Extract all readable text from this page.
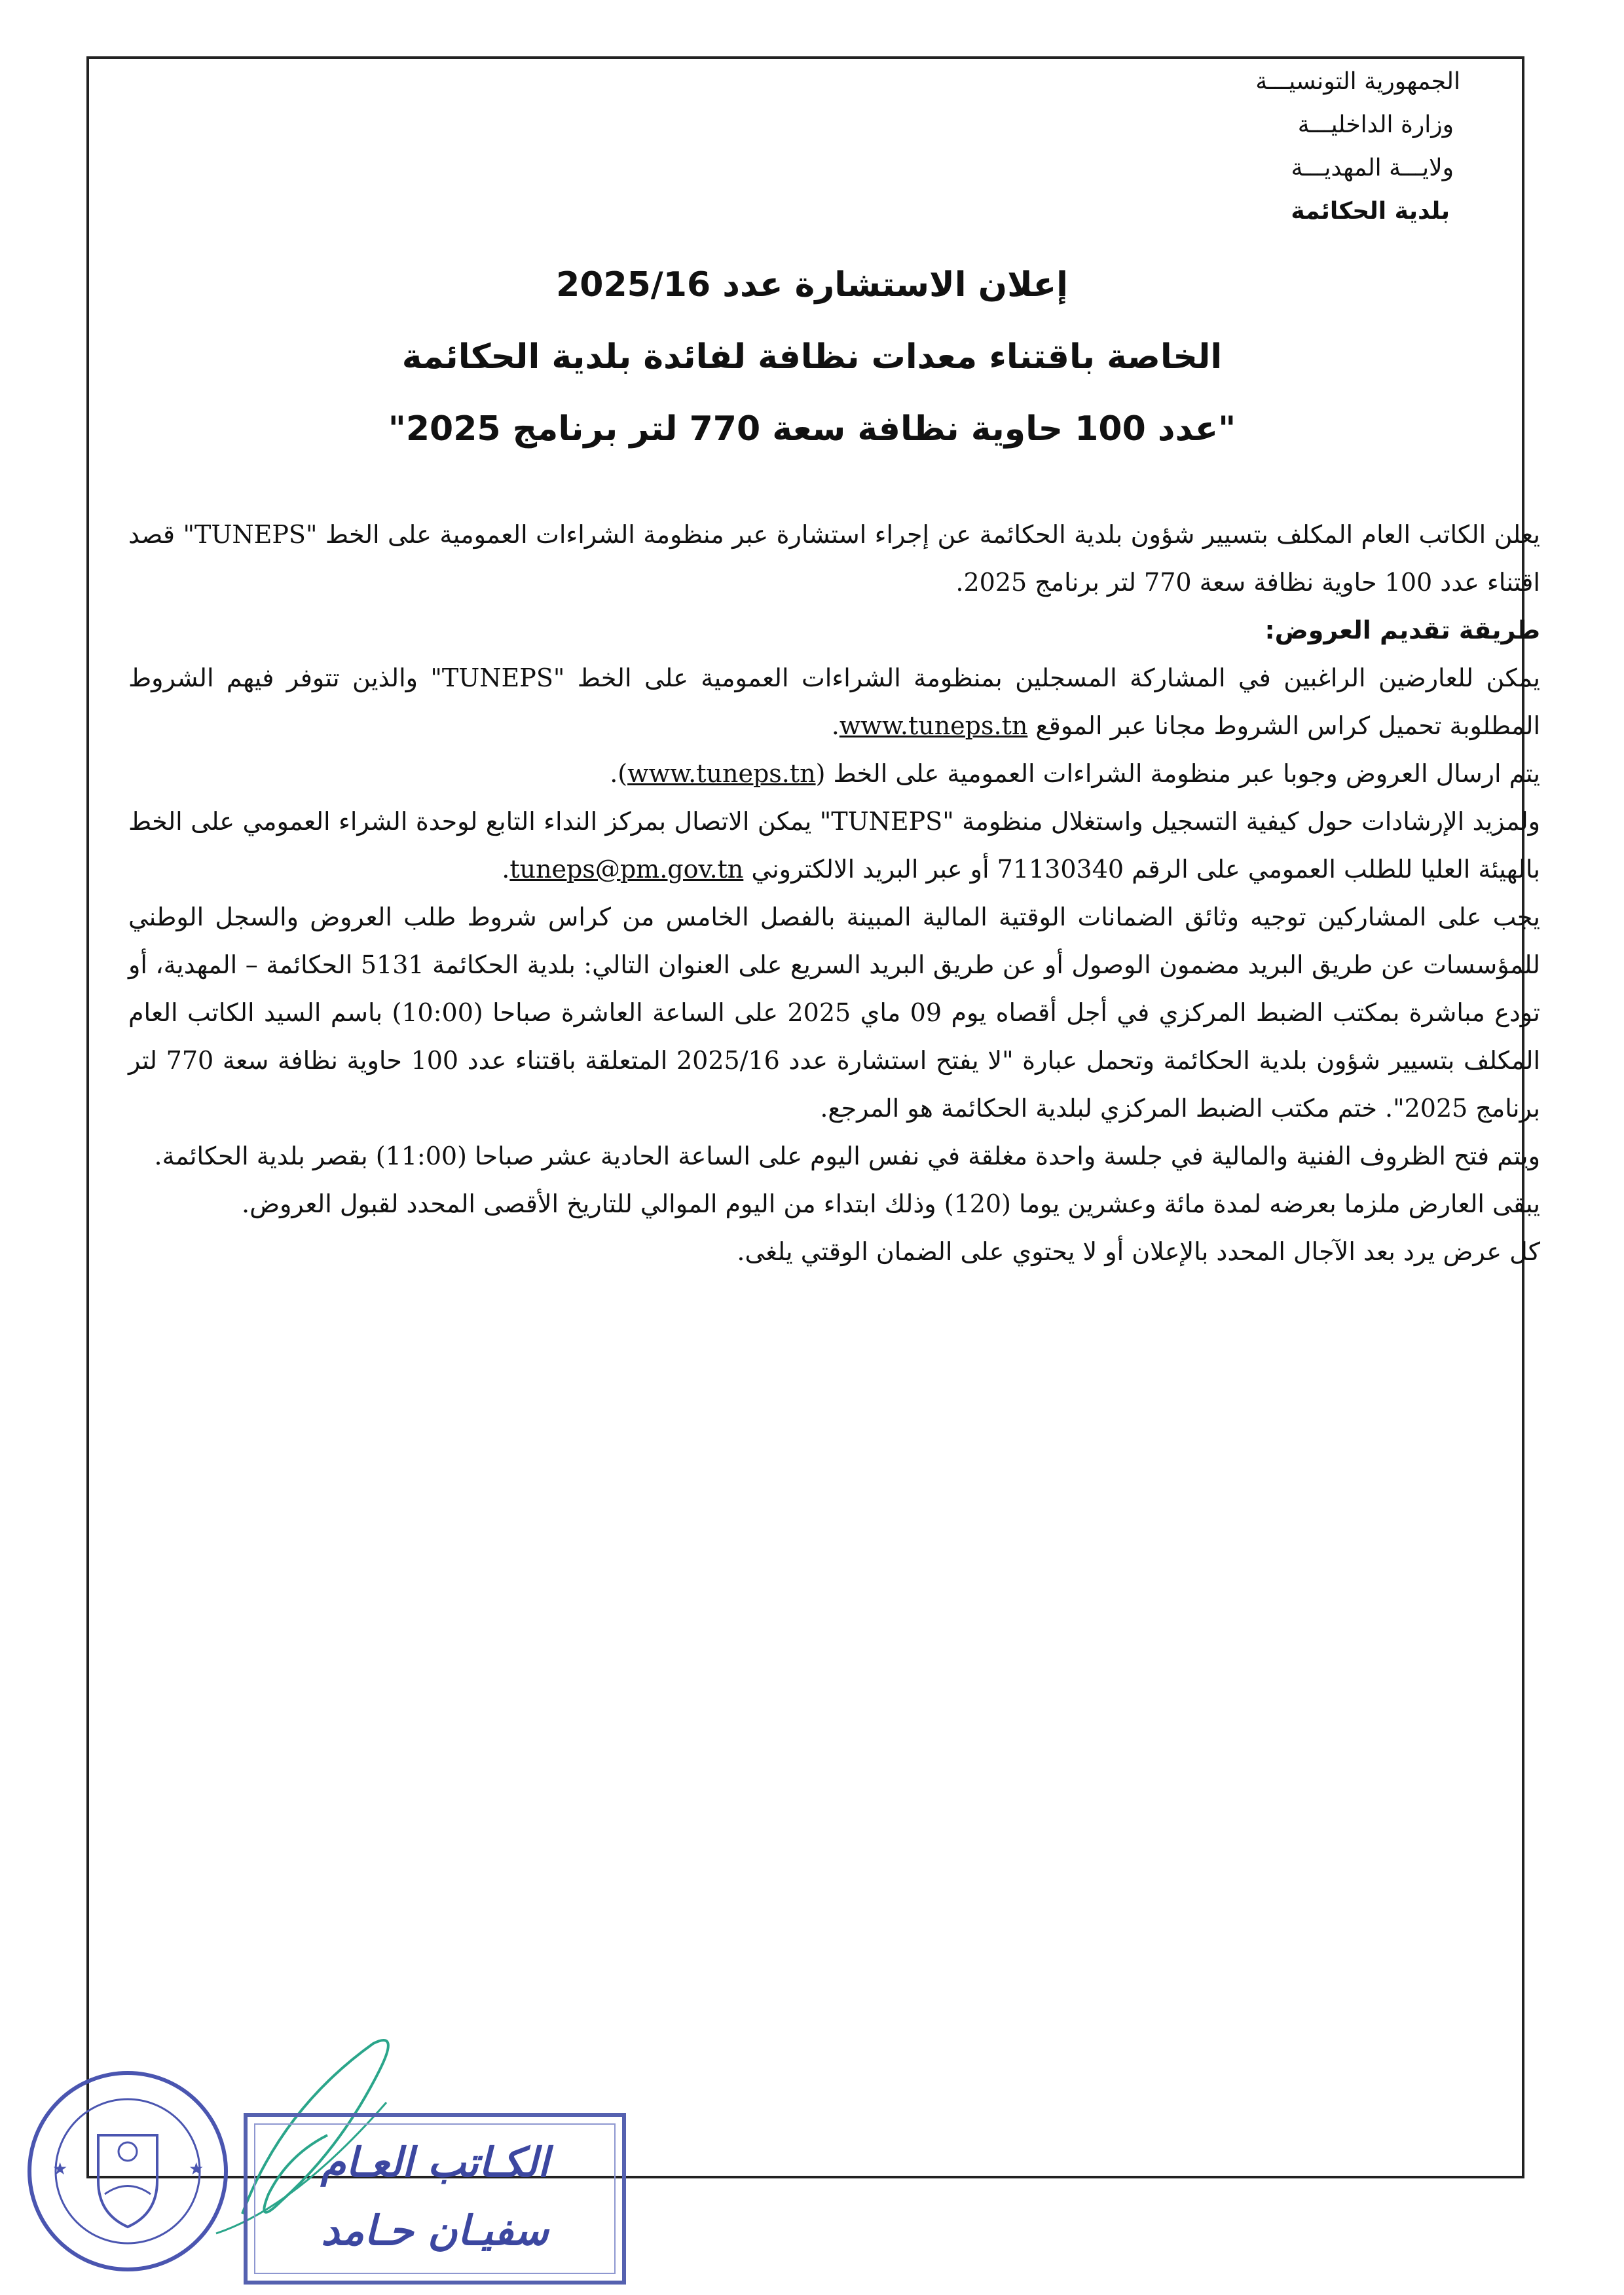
الجمهورية التونسيـــة
وزارة الداخليـــة
ولايـــة المهديـــة
بلدية الحكائمة
إعلان الاستشارة عدد 2025/16
الخاصة باقتناء معدات نظافة لفائدة بلدية الحكائمة
"عدد 100 حاوية نظافة سعة 770 لتر برنامج 2025"

يعلن الكاتب العام المكلف بتسيير شؤون بلدية الحكائمة عن إجراء استشارة عبر منظومة الشراءات العمومية على الخط "TUNEPS" قصد اقتناء عدد 100 حاوية نظافة سعة 770 لتر برنامج 2025.

طريقة تقديم العروض:

يمكن للعارضين الراغبين في المشاركة المسجلين بمنظومة الشراءات العمومية على الخط "TUNEPS" والذين تتوفر فيهم الشروط المطلوبة تحميل كراس الشروط مجانا عبر الموقع www.tuneps.tn.

يتم ارسال العروض وجوبا عبر منظومة الشراءات العمومية على الخط (www.tuneps.tn).

ولمزيد الإرشادات حول كيفية التسجيل واستغلال منظومة "TUNEPS" يمكن الاتصال بمركز النداء التابع لوحدة الشراء العمومي على الخط بالهيئة العليا للطلب العمومي على الرقم 71130340 أو عبر البريد الالكتروني tuneps@pm.gov.tn.

يجب على المشاركين توجيه وثائق الضمانات الوقتية المالية المبينة بالفصل الخامس من كراس شروط طلب العروض والسجل الوطني للمؤسسات عن طريق البريد مضمون الوصول أو عن طريق البريد السريع على العنوان التالي: بلدية الحكائمة 5131 الحكائمة – المهدية، أو تودع مباشرة بمكتب الضبط المركزي في أجل أقصاه يوم 09 ماي 2025 على الساعة العاشرة صباحا (10:00) باسم السيد الكاتب العام المكلف بتسيير شؤون بلدية الحكائمة وتحمل عبارة "لا يفتح استشارة عدد 2025/16 المتعلقة باقتناء عدد 100 حاوية نظافة سعة 770 لتر برنامج 2025". ختم مكتب الضبط المركزي لبلدية الحكائمة هو المرجع.

ويتم فتح الظروف الفنية والمالية في جلسة واحدة مغلقة في نفس اليوم على الساعة الحادية عشر صباحا (11:00) بقصر بلدية الحكائمة.

يبقى العارض ملزما بعرضه لمدة مائة وعشرين يوما (120) وذلك ابتداء من اليوم الموالي للتاريخ الأقصى المحدد لقبول العروض.

كل عرض يرد بعد الآجال المحدد بالإعلان أو لا يحتوي على الضمان الوقتي يلغى.

★	★	الكـاتب العـام
سفيـان حـامد
